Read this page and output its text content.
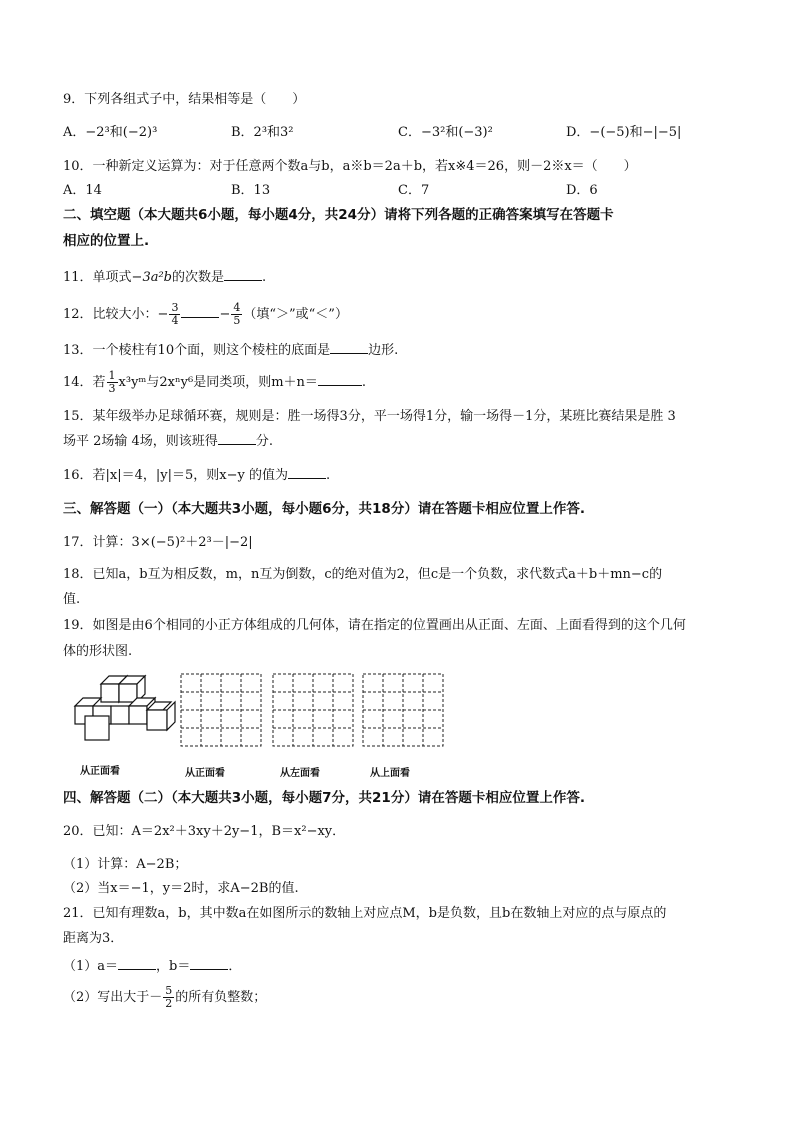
9．下列各组式子中，结果相等是（　　）
A．−2³和(−2)³	B．2³和3²	C．−3²和(−3)²	D．−(−5)和−|−5|
10．一种新定义运算为：对于任意两个数a与b，a※b＝2a＋b，若x※4＝26，则－2※x＝（　　）
A．14	B．13	C．7	D．6
二、填空题（本大题共6小题，每小题4分，共24分）请将下列各题的正确答案填写在答题卡
相应的位置上.
11．单项式−3a²b的次数是	.
12．比较大小：− $\frac{3}{4}$	− $\frac{4}{5}$ （填“＞”或“＜”）
13．一个棱柱有10个面，则这个棱柱的底面是	边形.
14．若 $\frac{1}{3}$ x³yᵐ与2xⁿy⁶是同类项，则m＋n＝	.
15．某年级举办足球循环赛，规则是：胜一场得3分，平一场得1分，输一场得－1分，某班比赛结果是胜 3
场平 2场输 4场，则该班得	分.
16．若|x|＝4，|y|＝5，则x−y 的值为	.
三、解答题（一）（本大题共3小题，每小题6分，共18分）请在答题卡相应位置上作答.
17．计算：3×(−5)²＋2³－|−2|
18．已知a，b互为相反数，m，n互为倒数，c的绝对值为2，但c是一个负数，求代数式a＋b＋mn−c的
值.
19．如图是由6个相同的小正方体组成的几何体，请在指定的位置画出从正面、左面、上面看得到的这个几何
体的形状图.
从正面看	从正面看	从左面看	从上面看
四、解答题（二）（本大题共3小题，每小题7分，共21分）请在答题卡相应位置上作答.
20．已知：A＝2x²＋3xy＋2y−1，B＝x²−xy．
（1）计算：A−2B；
（2）当x＝−1，y＝2时，求A−2B的值.
21．已知有理数a，b，其中数a在如图所示的数轴上对应点M，b是负数，且b在数轴上对应的点与原点的
距离为3．
（1）a＝	，b＝	．
（2）写出大于－ $\frac{5}{2}$ 的所有负整数；
